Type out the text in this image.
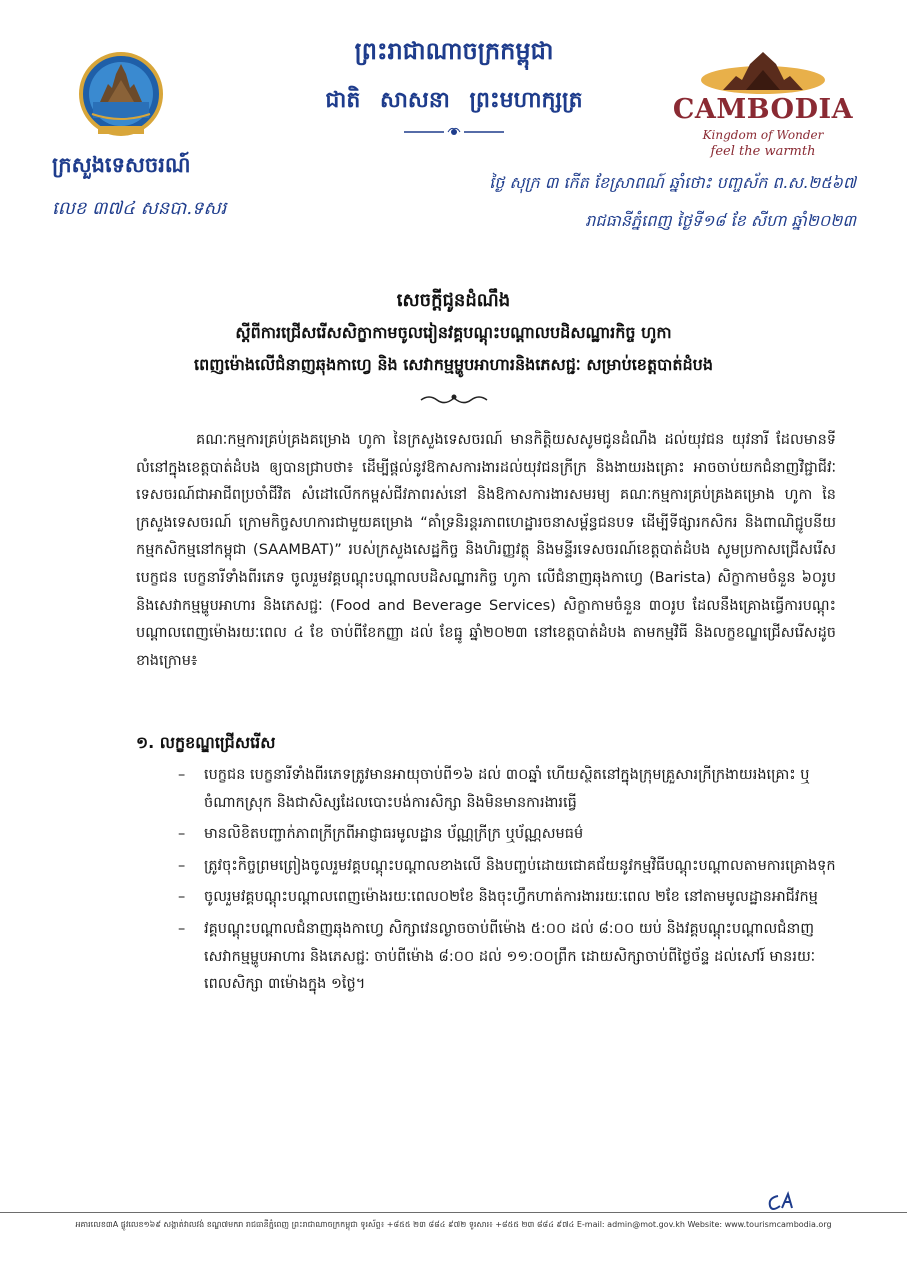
CAMBODIA
Kingdom of Wonder
feel the warmth
ព្រះរាជាណាចក្រកម្ពុជា
ជាតិ សាសនា ព្រះមហាក្សត្រ
ក្រសួងទេសចរណ៍
លេខ ៣៧៤ សនបា.ទសរ
ថ្ងៃ សុក្រ ៣ កើត ខែស្រាពណ៍ ឆ្នាំថោះ បញ្ចស័ក ព.ស.២៥៦៧
រាជធានីភ្នំពេញ ថ្ងៃទី១៨ ខែ សីហា ឆ្នាំ២០២៣
សេចក្តីជូនដំណឹង
ស្តីពីការជ្រើសរើសសិក្ខាកាមចូលរៀនវគ្គបណ្តុះបណ្តាលបដិសណ្ឋារកិច្ច ហូកា
ពេញម៉ោងលើជំនាញឆុងកាហ្វេ និង សេវាកម្មម្ហូបអាហារនិងភេសជ្ជៈ សម្រាប់ខេត្តបាត់ដំបង
គណៈកម្មការគ្រប់គ្រងគម្រោង ហូកា នៃក្រសួងទេសចរណ៍ មានកិត្តិយសសូមជូនដំណឹង ដល់យុវជន យុវនារី ដែលមានទីលំនៅក្នុងខេត្តបាត់ដំបង ឲ្យបានជ្រាបថា៖ ដើម្បីផ្តល់នូវឱកាសការងារដល់យុវជនក្រីក្រ និងងាយរងគ្រោះ អាចចាប់យកជំនាញវិជ្ជាជីវៈទេសចរណ៍ជាអាជីពប្រចាំជីវិត សំដៅលើកកម្ពស់ជីវភាពរស់នៅ និងឱកាសការងារសមរម្យ គណៈកម្មការគ្រប់គ្រងគម្រោង ហូកា នៃក្រសួងទេសចរណ៍ ក្រោមកិច្ចសហការជាមួយគម្រោង “គាំទ្រនិរន្តរភាពហេដ្ឋារចនាសម្ព័ន្ធជនបទ ដើម្បីទីផ្សារកសិករ និងពាណិជ្ជូបនីយកម្មកសិកម្មនៅកម្ពុជា (SAAMBAT)” របស់ក្រសួងសេដ្ឋកិច្ច និងហិរញ្ញវត្ថុ និងមន្ទីរទេសចរណ៍ខេត្តបាត់ដំបង សូមប្រកាសជ្រើសរើសបេក្ខជន បេក្ខនារីទាំងពីរភេទ ចូលរួមវគ្គបណ្តុះបណ្តាលបដិសណ្ឋារកិច្ច ហូកា លើជំនាញឆុងកាហ្វេ (Barista) សិក្ខាកាមចំនួន ៦០រូប និងសេវាកម្មម្ហូបអាហារ និងភេសជ្ជៈ (Food and Beverage Services) សិក្ខាកាមចំនួន ៣០រូប ដែលនឹងគ្រោងធ្វើការបណ្តុះបណ្តាលពេញម៉ោងរយៈពេល ៤ ខែ ចាប់ពីខែកញ្ញា ដល់ ខែធ្នូ ឆ្នាំ២០២៣ នៅខេត្តបាត់ដំបង តាមកម្មវិធី និងលក្ខខណ្ឌជ្រើសរើសដូចខាងក្រោម៖
១. លក្ខខណ្ឌជ្រើសរើស
– បេក្ខជន បេក្ខនារីទាំងពីរភេទត្រូវមានអាយុចាប់ពី១៦ ដល់ ៣០ឆ្នាំ ហើយស្ថិតនៅក្នុងក្រុមគ្រួសារក្រីក្រងាយរងគ្រោះ ឬចំណាកស្រុក និងជាសិស្សដែលបោះបង់ការសិក្សា និងមិនមានការងារធ្វើ
– មានលិខិតបញ្ជាក់ភាពក្រីក្រពីអាជ្ញាធរមូលដ្ឋាន ប័ណ្ណក្រីក្រ ឬប័ណ្ណសមធម៌
– ត្រូវចុះកិច្ចព្រមព្រៀងចូលរួមវគ្គបណ្តុះបណ្តាលខាងលើ និងបញ្ចប់ដោយជោគជ័យនូវកម្មវិធីបណ្តុះបណ្តាលតាមការគ្រោងទុក
– ចូលរួមវគ្គបណ្តុះបណ្តាលពេញម៉ោងរយៈពេល០២ខែ និងចុះហ្វឹកហាត់ការងាររយៈពេល ២ខែ នៅតាមមូលដ្ឋានអាជីវកម្ម
– វគ្គបណ្តុះបណ្តាលជំនាញឆុងកាហ្វេ សិក្សាវេនល្ងាចចាប់ពីម៉ោង ៥:០០ ដល់ ៨:០០ យប់ និងវគ្គបណ្តុះបណ្តាលជំនាញសេវាកម្មម្ហូបអាហារ និងភេសជ្ជៈ ចាប់ពីម៉ោង ៨:០០ ដល់ ១១:០០ព្រឹក ដោយសិក្សាចាប់ពីថ្ងៃច័ន្ទ ដល់សៅរ៍ មានរយៈពេលសិក្សា ៣ម៉ោងក្នុង ១ថ្ងៃ។
អគារលេខ៣A ផ្លូវលេខ១៦៩ សង្កាត់វាលវង់ ខណ្ឌ៧មករា រាជធានីភ្នំពេញ ព្រះរាជាណាចក្រកម្ពុជា ទូរស័ព្ទ៖ +៨៥៥ ២៣ ៨៨៤ ៩៧២ ទូរសារ៖ +៨៥៥ ២៣ ៨៨៤ ៩៧៤ E-mail: admin@mot.gov.kh Website: www.tourismcambodia.org
